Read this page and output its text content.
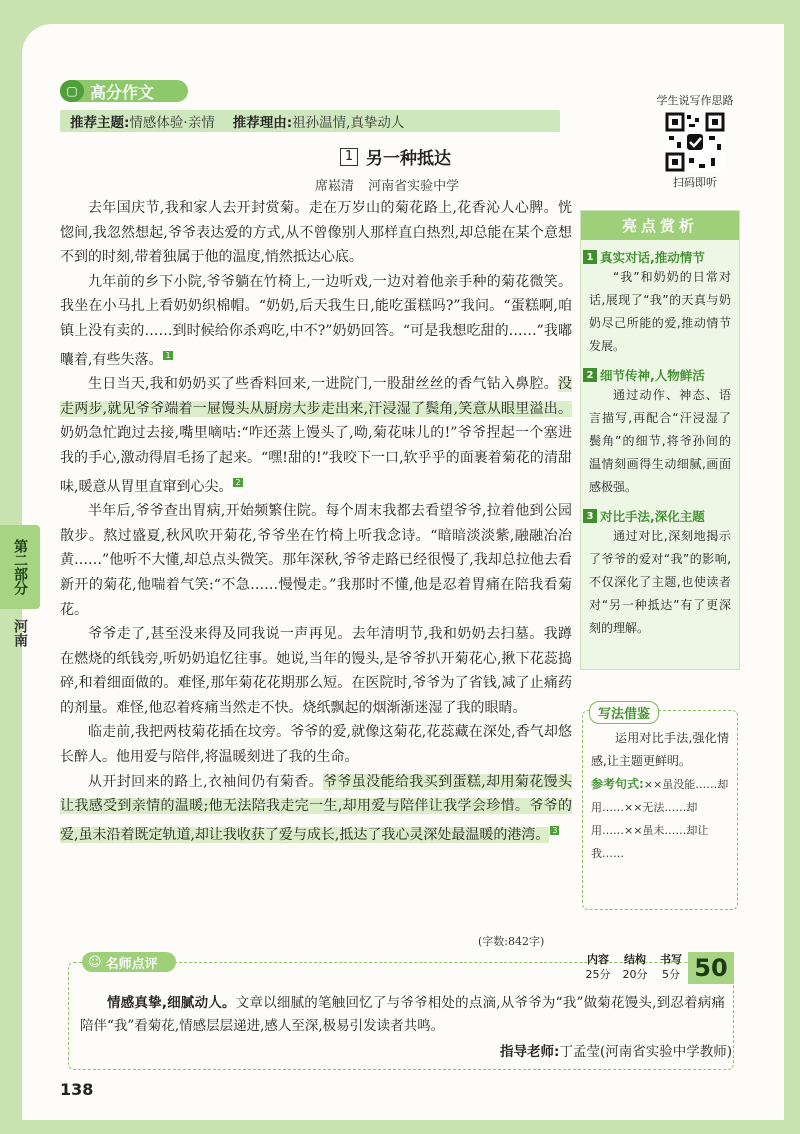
▢ 高分作文
推荐主题: 情感体验·亲情 推荐理由: 祖孙温情,真挚动人
学生说写作思路
扫码即听
1 另一种抵达
席崧清 河南省实验中学

去年国庆节,我和家人去开封赏菊。走在万岁山的菊花路上,花香沁人心脾。恍惚间,我忽然想起,爷爷表达爱的方式,从不曾像别人那样直白热烈,却总能在某个意想不到的时刻,带着独属于他的温度,悄然抵达心底。

九年前的乡下小院,爷爷躺在竹椅上,一边听戏,一边对着他亲手种的菊花微笑。我坐在小马扎上看奶奶织棉帽。“奶奶,后天我生日,能吃蛋糕吗?”我问。“蛋糕啊,咱镇上没有卖的……到时候给你杀鸡吃,中不?”奶奶回答。“可是我想吃甜的……”我嘟囔着,有些失落。 $^1$

生日当天,我和奶奶买了些香料回来,一进院门,一股甜丝丝的香气钻入鼻腔。没走两步,就见爷爷端着一屉馒头从厨房大步走出来,汗浸湿了鬓角,笑意从眼里溢出。奶奶急忙跑过去接,嘴里嘀咕:“咋还蒸上馒头了,呦,菊花味儿的!”爷爷捏起一个塞进我的手心,激动得眉毛扬了起来。“嘿!甜的!”我咬下一口,软乎乎的面裹着菊花的清甜味,暖意从胃里直窜到心尖。 $^2$

半年后,爷爷查出胃病,开始频繁住院。每个周末我都去看望爷爷,拉着他到公园散步。熬过盛夏,秋风吹开菊花,爷爷坐在竹椅上听我念诗。“暗暗淡淡紫,融融冶冶黄……”他听不大懂,却总点头微笑。那年深秋,爷爷走路已经很慢了,我却总拉他去看新开的菊花,他喘着气笑:“不急……慢慢走。”我那时不懂,他是忍着胃痛在陪我看菊花。

爷爷走了,甚至没来得及同我说一声再见。去年清明节,我和奶奶去扫墓。我蹲在燃烧的纸钱旁,听奶奶追忆往事。她说,当年的馒头,是爷爷扒开菊花心,揪下花蕊捣碎,和着细面做的。难怪,那年菊花花期那么短。在医院时,爷爷为了省钱,减了止痛药的剂量。难怪,他忍着疼痛当然走不快。烧纸飘起的烟渐渐迷湿了我的眼睛。

临走前,我把两枝菊花插在坟旁。爷爷的爱,就像这菊花,花蕊藏在深处,香气却悠长醉人。他用爱与陪伴,将温暖刻进了我的生命。

从开封回来的路上,衣袖间仍有菊香。爷爷虽没能给我买到蛋糕,却用菊花馒头让我感受到亲情的温暖;他无法陪我走完一生,却用爱与陪伴让我学会珍惜。爷爷的爱,虽未沿着既定轨道,却让我收获了爱与成长,抵达了我心灵深处最温暖的港湾。 $^3$

(字数:842字)
第二部分
河南
亮点赏析
1 真实对话,推动情节
“我”和奶奶的日常对话,展现了“我”的天真与奶奶尽己所能的爱,推动情节发展。
2 细节传神,人物鲜活
通过动作、神态、语言描写,再配合“汗浸湿了鬓角”的细节,将爷孙间的温情刻画得生动细腻,画面感极强。
3 对比手法,深化主题
通过对比,深刻地揭示了爷爷的爱对“我”的影响,不仅深化了主题,也使读者对“另一种抵达”有了更深刻的理解。
写法借鉴
运用对比手法,强化情感,让主题更鲜明。
参考句式:××虽没能……却用……××无法……却用……××虽未……却让我……
☺ 名师点评	内容	结构	书写
25分	20分	5分 50
情感真挚,细腻动人。文章以细腻的笔触回忆了与爷爷相处的点滴,从爷爷为“我”做菊花馒头,到忍着病痛陪伴“我”看菊花,情感层层递进,感人至深,极易引发读者共鸣。
指导老师:丁孟莹(河南省实验中学教师)
138
